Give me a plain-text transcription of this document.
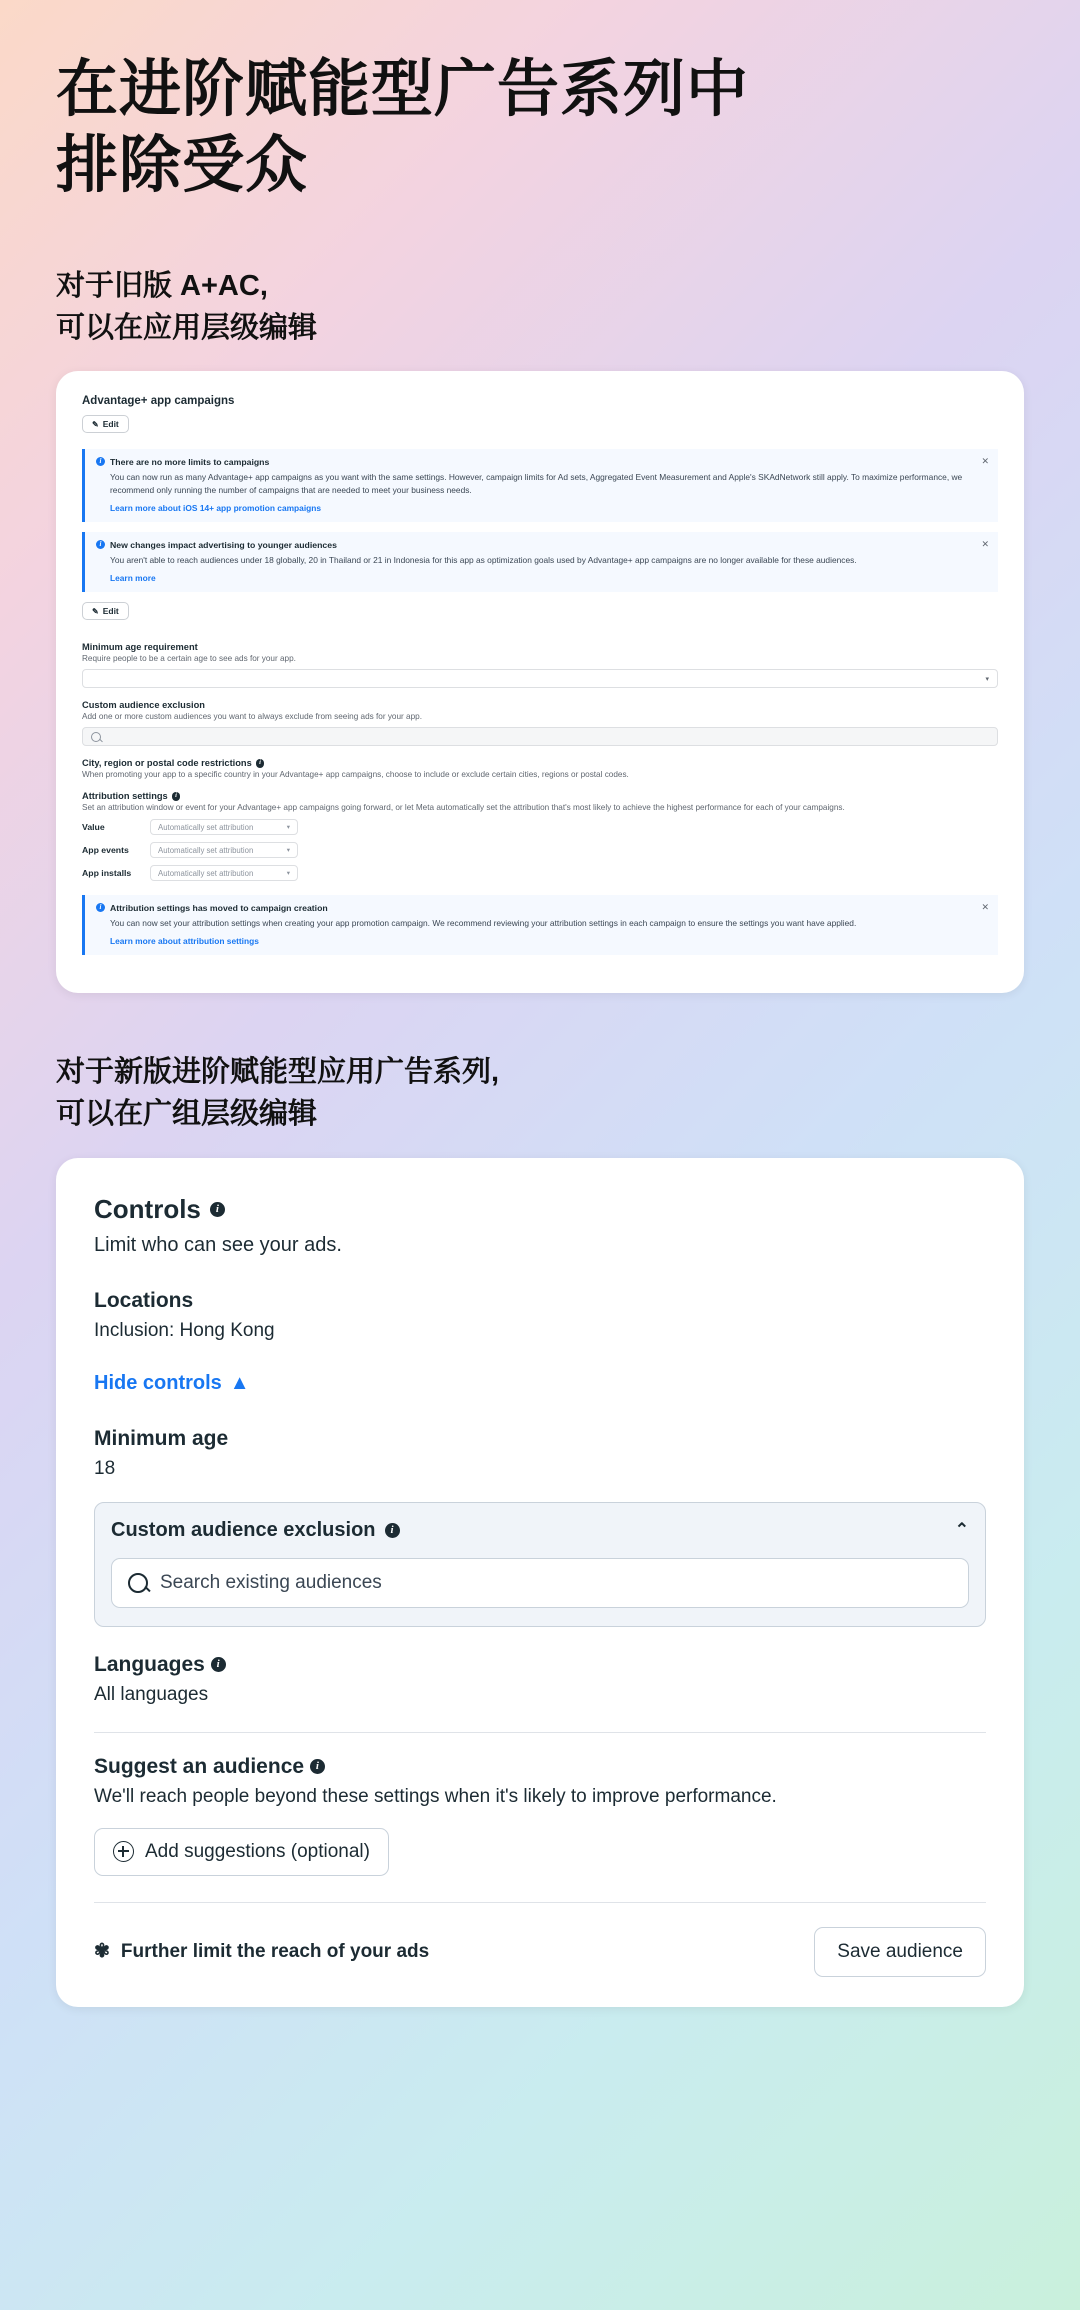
在进阶赋能型广告系列中
排除受众

对于旧版 A+AC,
可以在应用层级编辑

Advantage+ app campaigns
✎ Edit
✕
i There are no more limits to campaigns
You can now run as many Advantage+ app campaigns as you want with the same settings. However, campaign limits for Ad sets, Aggregated Event Measurement and Apple's SKAdNetwork still apply. To maximize performance, we recommend only running the number of campaigns that are needed to meet your business needs.
Learn more about iOS 14+ app promotion campaigns
✕
i New changes impact advertising to younger audiences
You aren't able to reach audiences under 18 globally, 20 in Thailand or 21 in Indonesia for this app as optimization goals used by Advantage+ app campaigns are no longer available for these audiences.
Learn more
✎ Edit
Minimum age requirement
Require people to be a certain age to see ads for your app.
▾
Custom audience exclusion
Add one or more custom audiences you want to always exclude from seeing ads for your app.
City, region or postal code restrictions	i
When promoting your app to a specific country in your Advantage+ app campaigns, choose to include or exclude certain cities, regions or postal codes.
Attribution settings	i
Set an attribution window or event for your Advantage+ app campaigns going forward, or let Meta automatically set the attribution that's most likely to achieve the highest performance for each of your campaigns.
Value	Automatically set attribution	▾
App events	Automatically set attribution	▾
App installs	Automatically set attribution	▾
✕
i Attribution settings has moved to campaign creation
You can now set your attribution settings when creating your app promotion campaign. We recommend reviewing your attribution settings in each campaign to ensure the settings you want have applied.
Learn more about attribution settings

对于新版进阶赋能型应用广告系列,
可以在广组层级编辑

Controls	i
Limit who can see your ads.
Locations
Inclusion: Hong Kong
Hide controls ▲
Minimum age
18
Custom audience exclusion	i	⌃
Search existing audiences
Languages i
All languages
Suggest an audience i
We'll reach people beyond these settings when it's likely to improve performance.
Add suggestions (optional)
✾ Further limit the reach of your ads	Save audience
